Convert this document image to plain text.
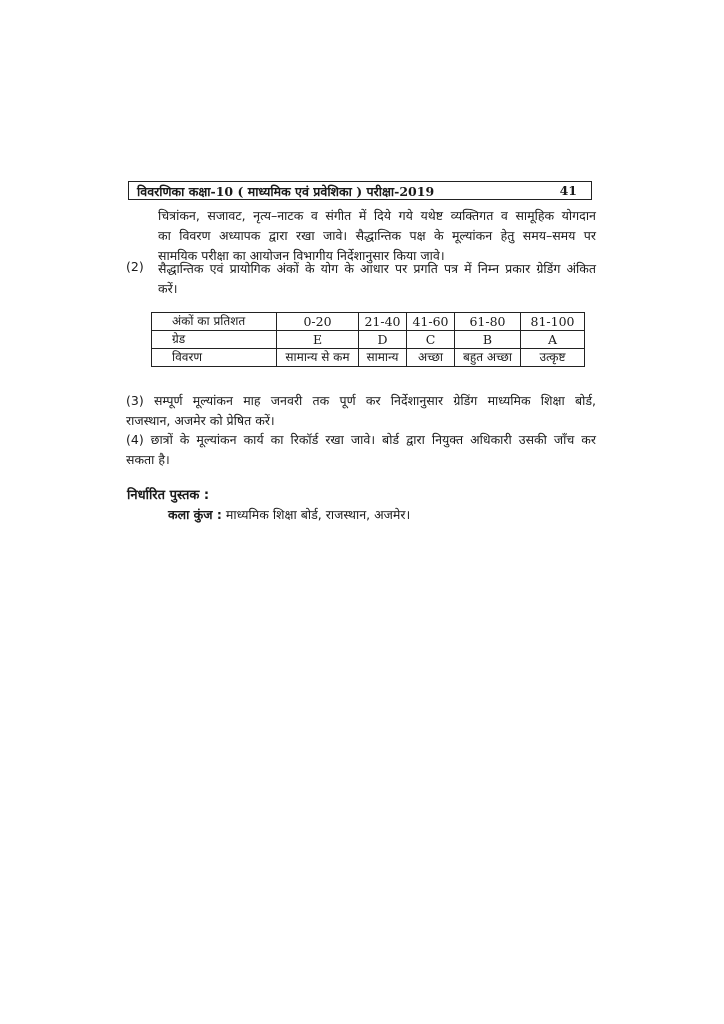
विवरणिका कक्षा-10 ( माध्यमिक एवं प्रवेशिका ) परीक्षा-2019	41
चित्रांकन, सजावट, नृत्य–नाटक व संगीत में दिये गये यथेष्ट व्यक्तिगत व सामूहिक योगदान
का विवरण अध्यापक द्वारा रखा जावे। सैद्धान्तिक पक्ष के मूल्यांकन हेतु समय–समय पर
सामयिक परीक्षा का आयोजन विभागीय निर्देशानुसार किया जावे।
(2) सैद्धान्तिक एवं प्रायोगिक अंकों के योग के आधार पर प्रगति पत्र में निम्न प्रकार ग्रेडिंग अंकित
करें।
अंकों का प्रतिशत	0-20	21-40	41-60	61-80	81-100
ग्रेड	E	D	C	B	A
विवरण	सामान्य से कम	सामान्य	अच्छा	बहुत अच्छा	उत्कृष्ट
(3) सम्पूर्ण मूल्यांकन माह जनवरी तक पूर्ण कर निर्देशानुसार ग्रेडिंग माध्यमिक शिक्षा बोर्ड,
राजस्थान, अजमेर को प्रेषित करें।
(4) छात्रों के मूल्यांकन कार्य का रिकॉर्ड रखा जावे। बोर्ड द्वारा नियुक्त अधिकारी उसकी जाँच कर
सकता है।
निर्धारित पुस्तक :
कला कुंज : माध्यमिक शिक्षा बोर्ड, राजस्थान, अजमेर।
